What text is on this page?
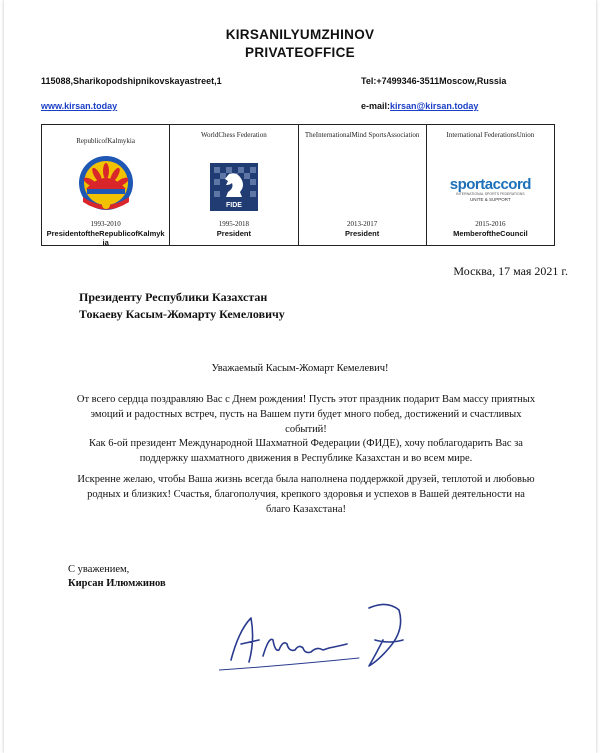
KIRSANILYUMZHINOV
PRIVATEOFFICE
115088,Sharikopodshipnikovskayastreet,1	Tel:+7499346-3511Moscow,Russia
www.kirsan.today	e-mail:kirsan@kirsan.today
RepublicofKalmykia
1993-2010
PresidentoftheRepublicofKalmykia
WorldChess Federation
FIDE
1995-2018
President
TheInternationalMind SportsAssociation
2013-2017
President
International FederationsUnion
sportaccord
INTERNATIONAL SPORTS FEDERATIONS
UNITE & SUPPORT
2015-2016
MemberoftheCouncil
Москва, 17 мая 2021 г.
Президенту Республики Казахстан
Токаеву Касым-Жомарту Кемеловичу
Уважаемый Касым-Жомарт Кемелевич!
От всего сердца поздравляю Вас с Днем рождения! Пусть этот праздник подарит Вам массу приятных эмоций и радостных встреч, пусть на Вашем пути будет много побед, достижений и счастливых событий!
Как 6-ой президент Международной Шахматной Федерации (ФИДЕ), хочу поблагодарить Вас за поддержку шахматного движения в Республике Казахстан и во всем мире.
Искренне желаю, чтобы Ваша жизнь всегда была наполнена поддержкой друзей, теплотой и любовью родных и близких! Счастья, благополучия, крепкого здоровья и успехов в Вашей деятельности на благо Казахстана!
С уважением,
Кирсан Илюмжинов
